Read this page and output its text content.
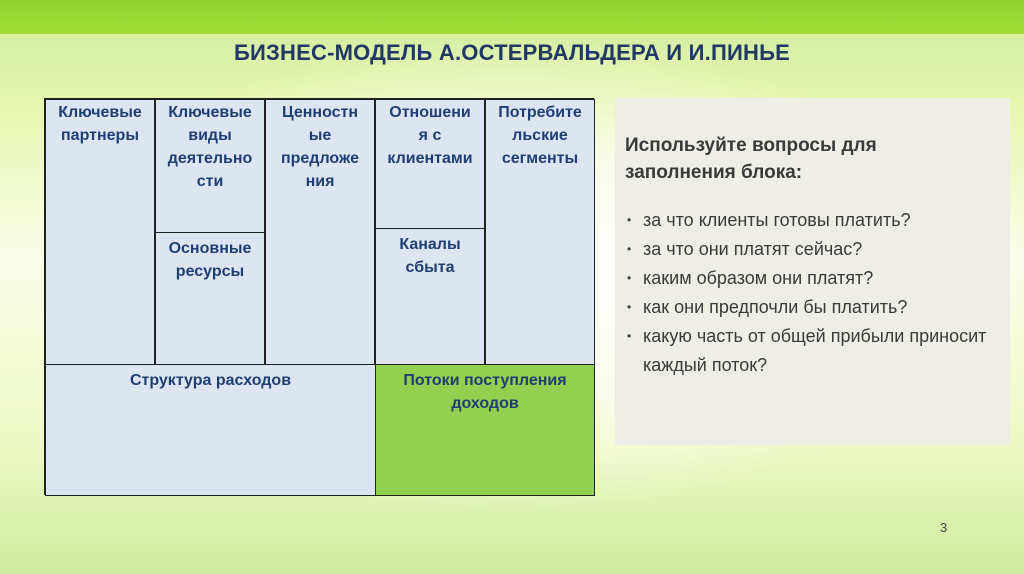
БИЗНЕС-МОДЕЛЬ А.ОСТЕРВАЛЬДЕРА И И.ПИНЬЕ
Ключевые
партнеры
Ключевые
виды
деятельно
сти
Основные
ресурсы
Ценностн
ые
предложе
ния
Отношени
я с
клиентами
Каналы
сбыта
Потребите
льские
сегменты
Структура расходов	Потоки поступления
доходов
Используйте вопросы для
заполнения блока:
• за что клиенты готовы платить?
• за что они платят сейчас?
• каким образом они платят?
• как они предпочли бы платить?
• какую часть от общей прибыли приносит каждый поток?
3
